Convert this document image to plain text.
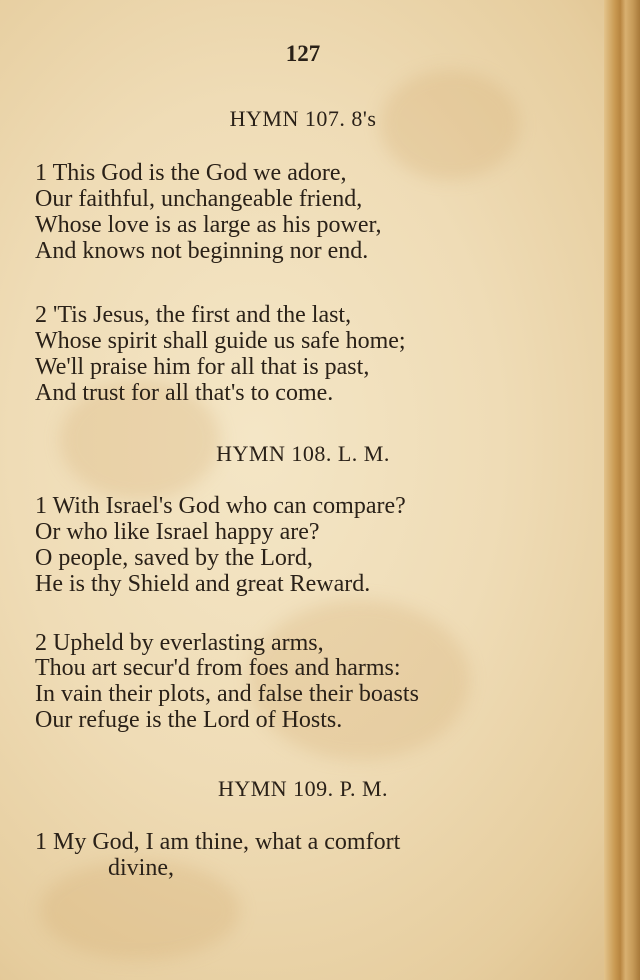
127
HYMN 107. 8's
1 This God is the God we adore,
Our faithful, unchangeable friend,
Whose love is as large as his power,
And knows not beginning nor end.
2 'Tis Jesus, the first and the last,
Whose spirit shall guide us safe home;
We'll praise him for all that is past,
And trust for all that's to come.
HYMN 108. L. M.
1 With Israel's God who can compare?
Or who like Israel happy are?
O people, saved by the Lord,
He is thy Shield and great Reward.
2 Upheld by everlasting arms,
Thou art secur'd from foes and harms:
In vain their plots, and false their boasts
Our refuge is the Lord of Hosts.
HYMN 109. P. M.
1 My God, I am thine, what a comfort
divine,
